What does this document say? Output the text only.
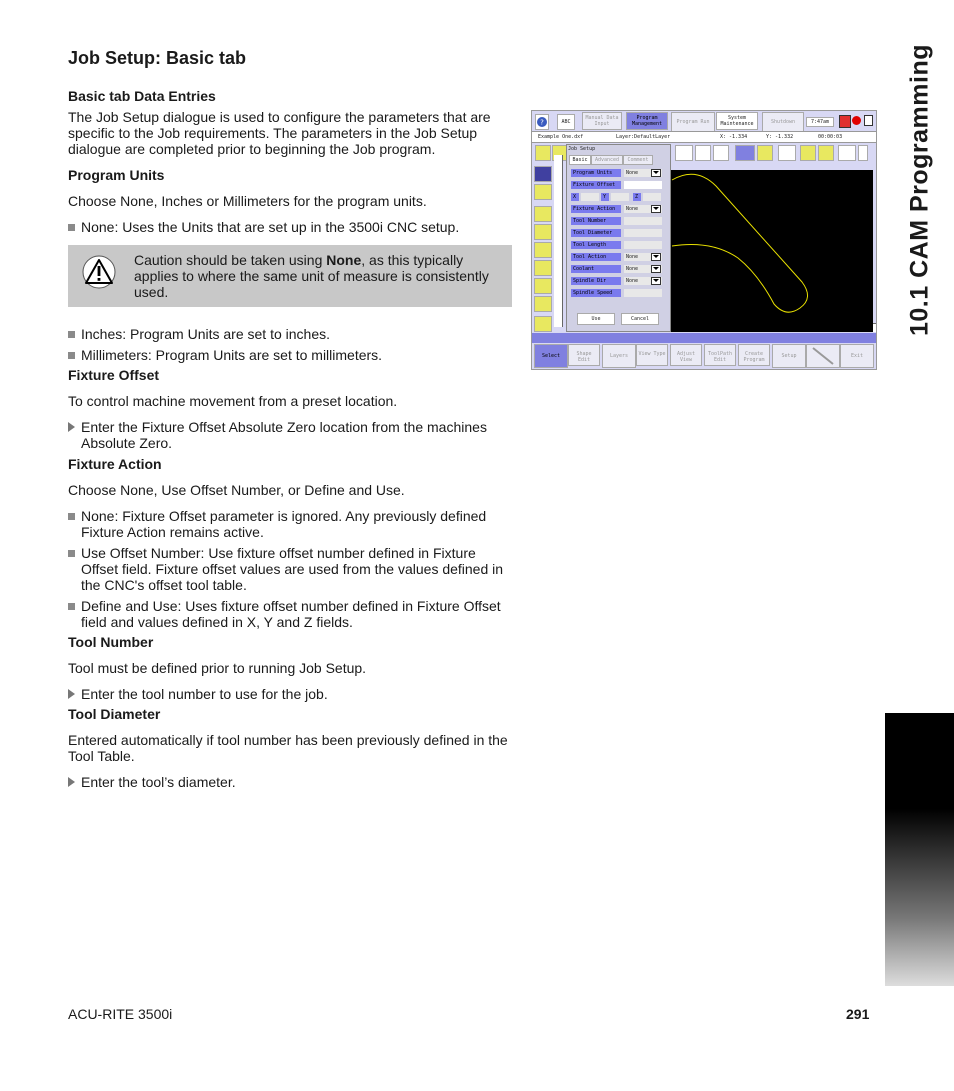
Job Setup: Basic tab
Basic tab Data Entries
The Job Setup dialogue is used to configure the parameters that are specific to the Job requirements. The parameters in the Job Setup dialogue are completed prior to beginning the Job program.
Program Units
Choose None, Inches or Millimeters for the program units.
None: Uses the Units that are set up in the 3500i CNC setup.
Caution should be taken using None, as this typically applies to where the same unit of measure is consistently used.
Inches: Program Units are set to inches.
Millimeters: Program Units are set to millimeters.
Fixture Offset
To control machine movement from a preset location.
Enter the Fixture Offset Absolute Zero location from the machines Absolute Zero.
Fixture Action
Choose None, Use Offset Number, or Define and Use.
None: Fixture Offset parameter is ignored. Any previously defined Fixture Action remains active.
Use Offset Number: Use fixture offset number defined in Fixture Offset field. Fixture offset values are used from the values defined in the CNC's offset tool table.
Define and Use: Uses fixture offset number defined in Fixture Offset field and values defined in X, Y and Z fields.
Tool Number
Tool must be defined prior to running Job Setup.
Enter the tool number to use for the job.
Tool Diameter
Entered automatically if tool number has been previously defined in the Tool Table.
Enter the tool’s diameter.
?	ABC
Manual Data Input
Program Management	Program Run
System Maintenance	Shutdown	7:47am
Example One.dxf	Layer:DefaultLayer	X: -1.334	Y: -1.332	00:00:03
Job Setup
Basic	Advanced	Comment
Program Units	None
Fixture Offset
X	Y	Z
Fixture Action	None
Tool Number
Tool Diameter
Tool Length
Tool Action	None
Coolant	None
Spindle Dir	None
Spindle Speed
Use	Cancel
Select	Shape Edit
Layers	View Type	Adjust View
ToolPath Edit
Create Program
Setup	Exit
10.1 CAM Programming
ACU-RITE 3500i	291
